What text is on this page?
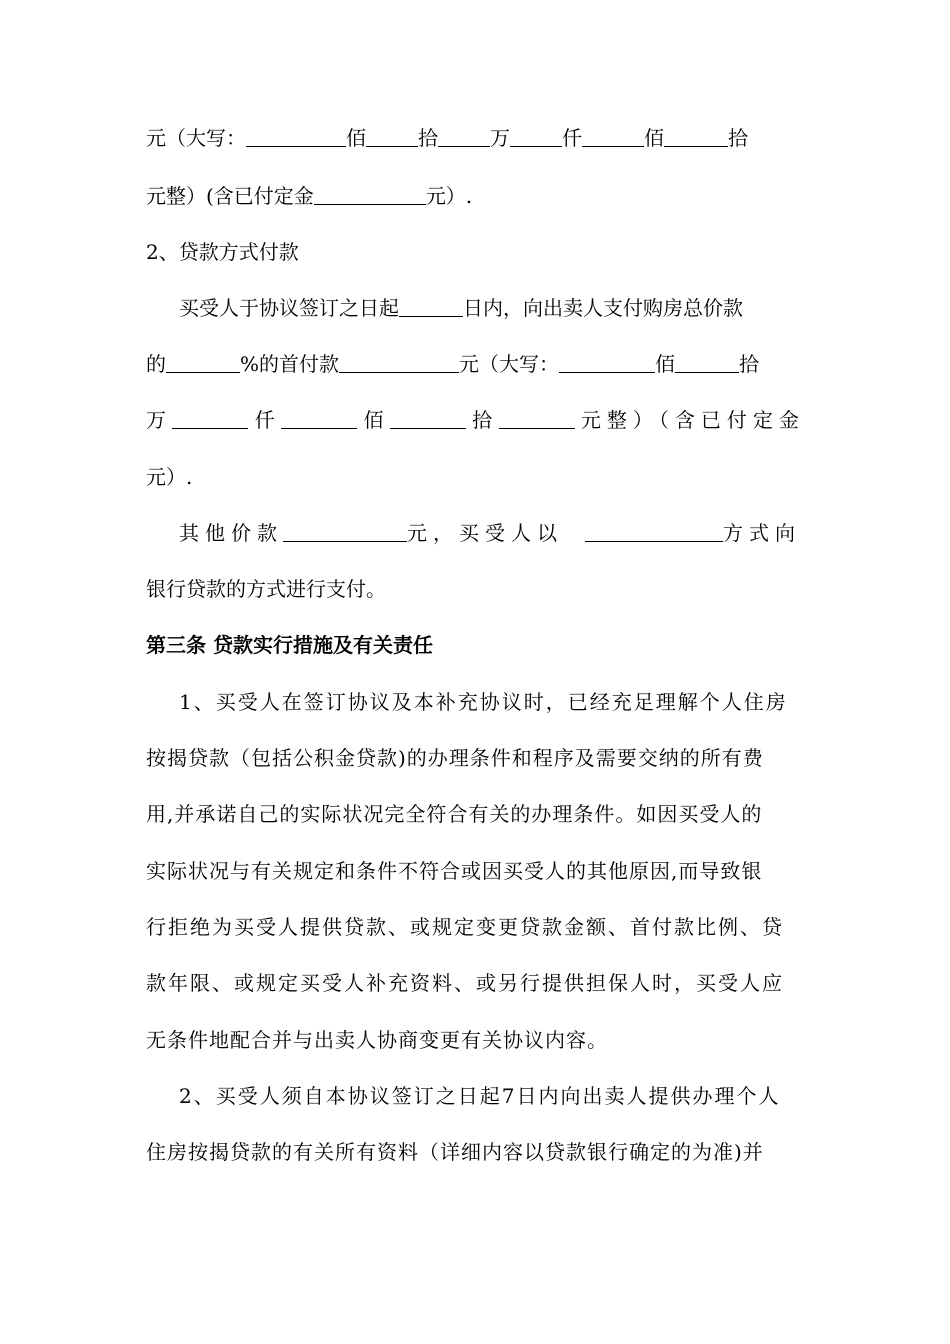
元（大写：	佰	拾	万	仟	佰	拾
元整）(含已付定金	元）.
2、贷款方式付款
买受人于协议签订之日起	日内，向出卖人支付购房总价款
的	%的首付款	元（大写：	佰	拾
万	仟	佰	拾	元整）（含已付定金
元）.
其他价款	元，买受人以	方式向
银行贷款的方式进行支付。
第三条 贷款实行措施及有关责任
1、买受人在签订协议及本补充协议时，已经充足理解个人住房
按揭贷款（包括公积金贷款)的办理条件和程序及需要交纳的所有费
用,并承诺自己的实际状况完全符合有关的办理条件。如因买受人的
实际状况与有关规定和条件不符合或因买受人的其他原因,而导致银
行拒绝为买受人提供贷款、或规定变更贷款金额、首付款比例、贷
款年限、或规定买受人补充资料、或另行提供担保人时，买受人应
无条件地配合并与出卖人协商变更有关协议内容。
2、买受人须自本协议签订之日起7日内向出卖人提供办理个人
住房按揭贷款的有关所有资料（详细内容以贷款银行确定的为准)并
